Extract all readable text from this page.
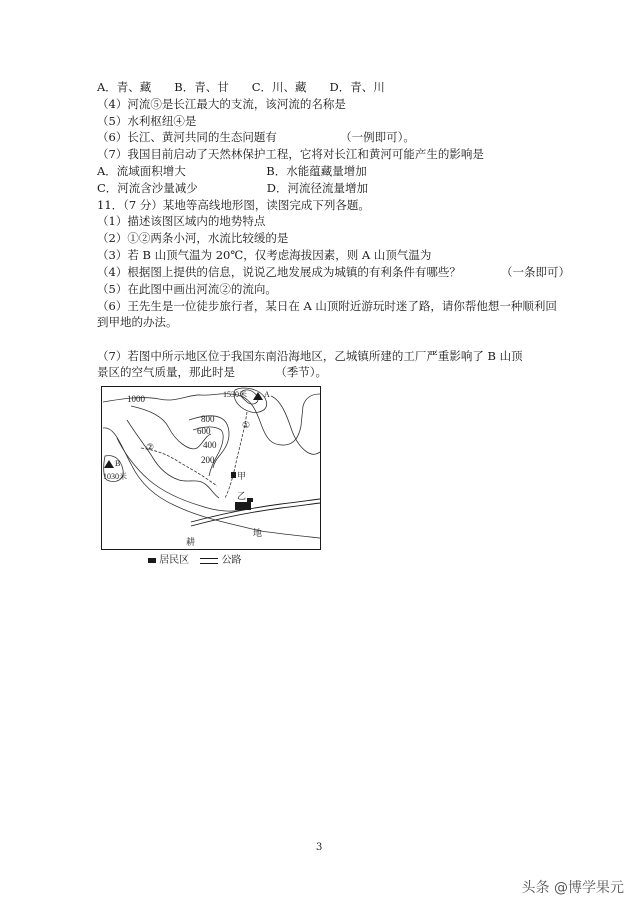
A．青、藏　　B．青、甘　　C．川、藏　　D．青、川
（4）河流⑤是长江最大的支流，该河流的名称是
（5）水利枢纽④是
（6）长江、黄河共同的生态问题有　　　　　　（一例即可）。
（7）我国目前启动了天然林保护工程，它将对长江和黄河可能产生的影响是
A．流域面积增大　　　　　　　B．水能蕴藏量增加
C．河流含沙量减少　　　　　　D．河流径流量增加
11．（7 分）某地等高线地形图，读图完成下列各题。
（1）描述该图区域内的地势特点
（2）①②两条小河，水流比较缓的是
（3）若 B 山顶气温为 20℃，仅考虑海拔因素，则 A 山顶气温为
（4）根据图上提供的信息，说说乙地发展成为城镇的有利条件有哪些？　　　　（一条即可）
（5）在此图中画出河流②的流向。
（6）王先生是一位徒步旅行者，某日在 A 山顶附近游玩时迷了路，请你帮他想一种顺利回
到甲地的办法。
（7）若图中所示地区位于我国东南沿海地区，乙城镇所建的工厂严重影响了 B 山顶
景区的空气质量，那此时是　　　　（季节）。
1000
800
600
400
200
1530米 A
B
1030米
①
②
甲
乙
地
耕
居民区	公路
3
头条 @博学果元
